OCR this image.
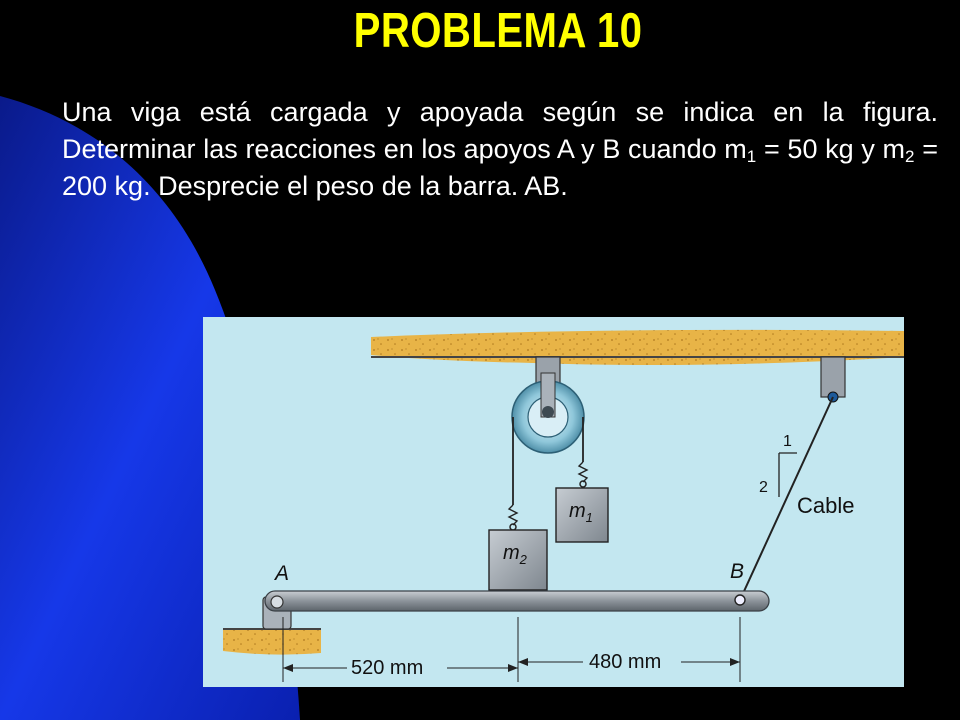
PROBLEMA 10
Una viga está cargada y apoyada según se indica en la figura. Determinar las reacciones en los apoyos A y B cuando $m_1 = 50$ kg y $m_2 = 200$ kg. Desprecie el peso de la barra. AB.
A	B
Cable
1
2
$m_1$
$m_2$
520 mm	480 mm
